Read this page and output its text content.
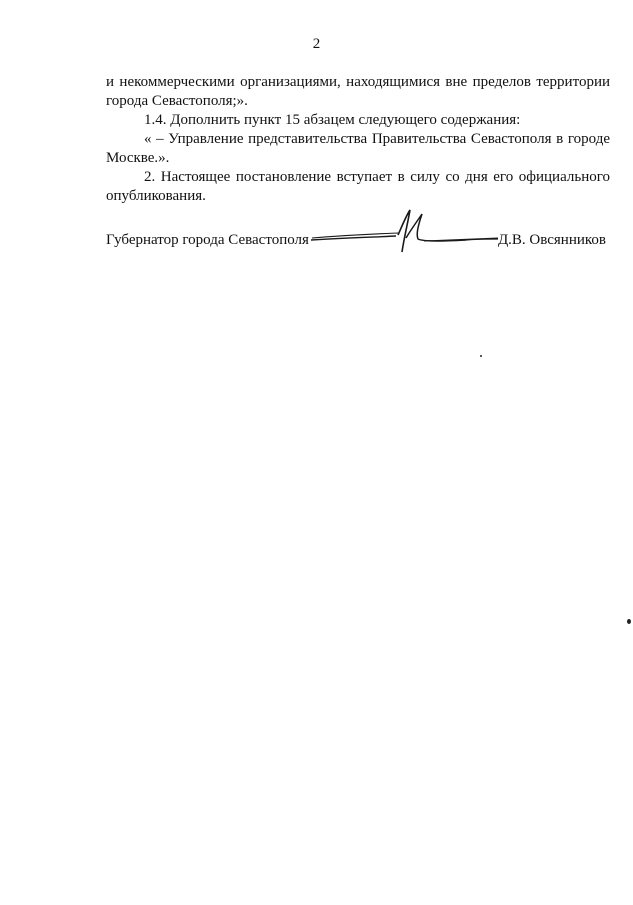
2

и некоммерческими организациями, находящимися вне пределов территории города Севастополя;».

1.4. Дополнить пункт 15 абзацем следующего содержания:

« – Управление представительства Правительства Севастополя в городе Москве.».

2. Настоящее постановление вступает в силу со дня его официального опубликования.

Губернатор города Севастополя	Д.В. Овсянников
